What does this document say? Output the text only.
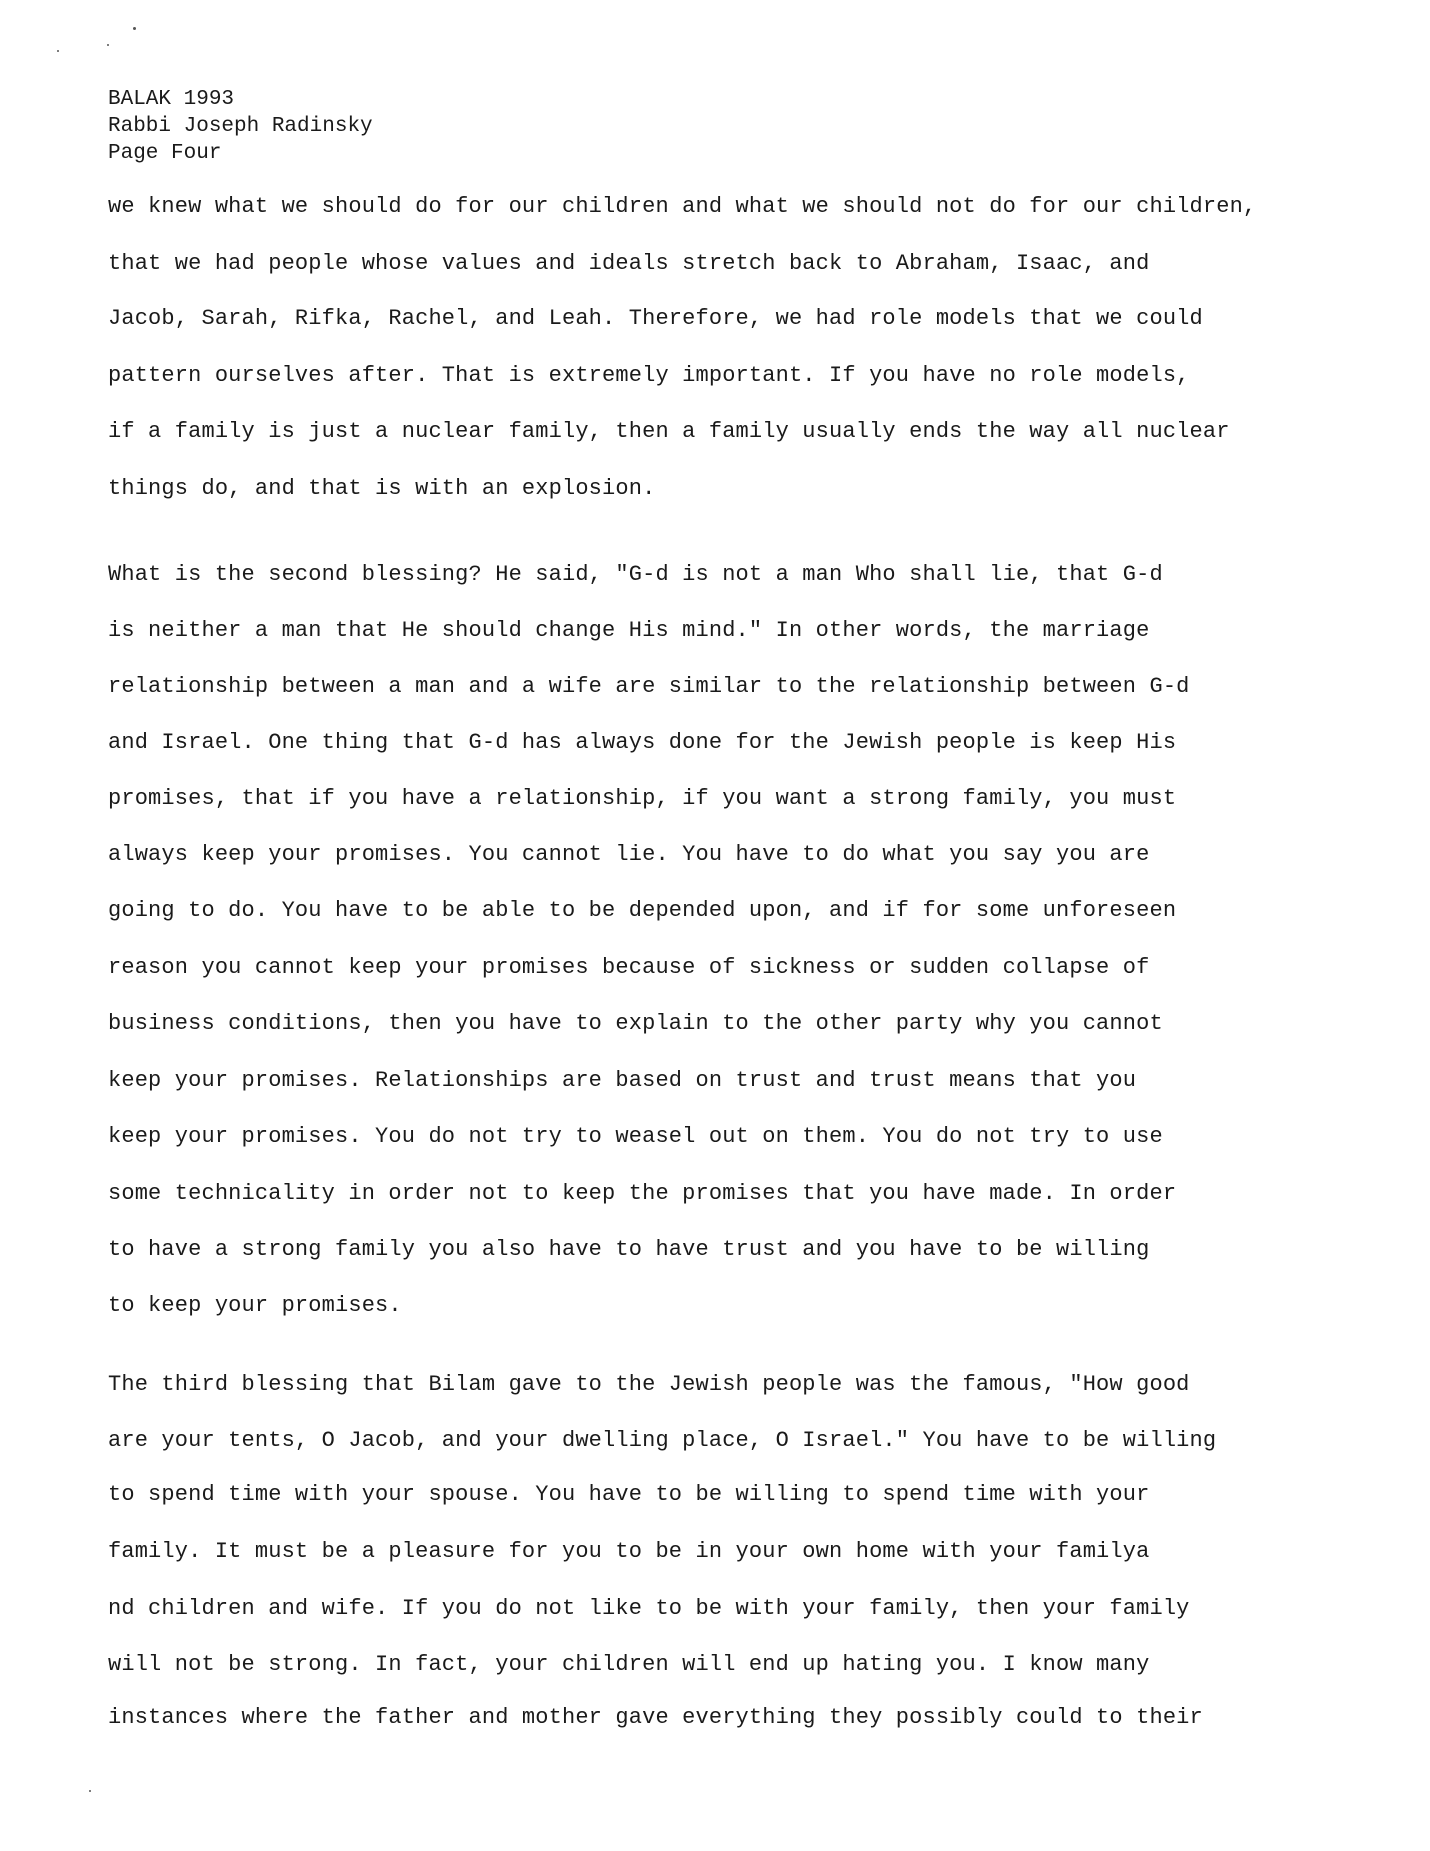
BALAK 1993
Rabbi Joseph Radinsky
Page Four
we knew what we should do for our children and what we should not do for our children,
that we had people whose values and ideals stretch back to Abraham, Isaac, and
Jacob, Sarah, Rifka, Rachel, and Leah. Therefore, we had role models that we could
pattern ourselves after. That is extremely important. If you have no role models,
if a family is just a nuclear family, then a family usually ends the way all nuclear
things do, and that is with an explosion.
What is the second blessing? He said, "G-d is not a man Who shall lie, that G-d
is neither a man that He should change His mind." In other words, the marriage
relationship between a man and a wife are similar to the relationship between G-d
and Israel. One thing that G-d has always done for the Jewish people is keep His
promises, that if you have a relationship, if you want a strong family, you must
always keep your promises. You cannot lie. You have to do what you say you are
going to do. You have to be able to be depended upon, and if for some unforeseen
reason you cannot keep your promises because of sickness or sudden collapse of
business conditions, then you have to explain to the other party why you cannot
keep your promises. Relationships are based on trust and trust means that you
keep your promises. You do not try to weasel out on them. You do not try to use
some technicality in order not to keep the promises that you have made. In order
to have a strong family you also have to have trust and you have to be willing
to keep your promises.
The third blessing that Bilam gave to the Jewish people was the famous, "How good
are your tents, O Jacob, and your dwelling place, O Israel." You have to be willing
to spend time with your spouse. You have to be willing to spend time with your
family. It must be a pleasure for you to be in your own home with your familya
nd children and wife. If you do not like to be with your family, then your family
will not be strong. In fact, your children will end up hating you. I know many
instances where the father and mother gave everything they possibly could to their
